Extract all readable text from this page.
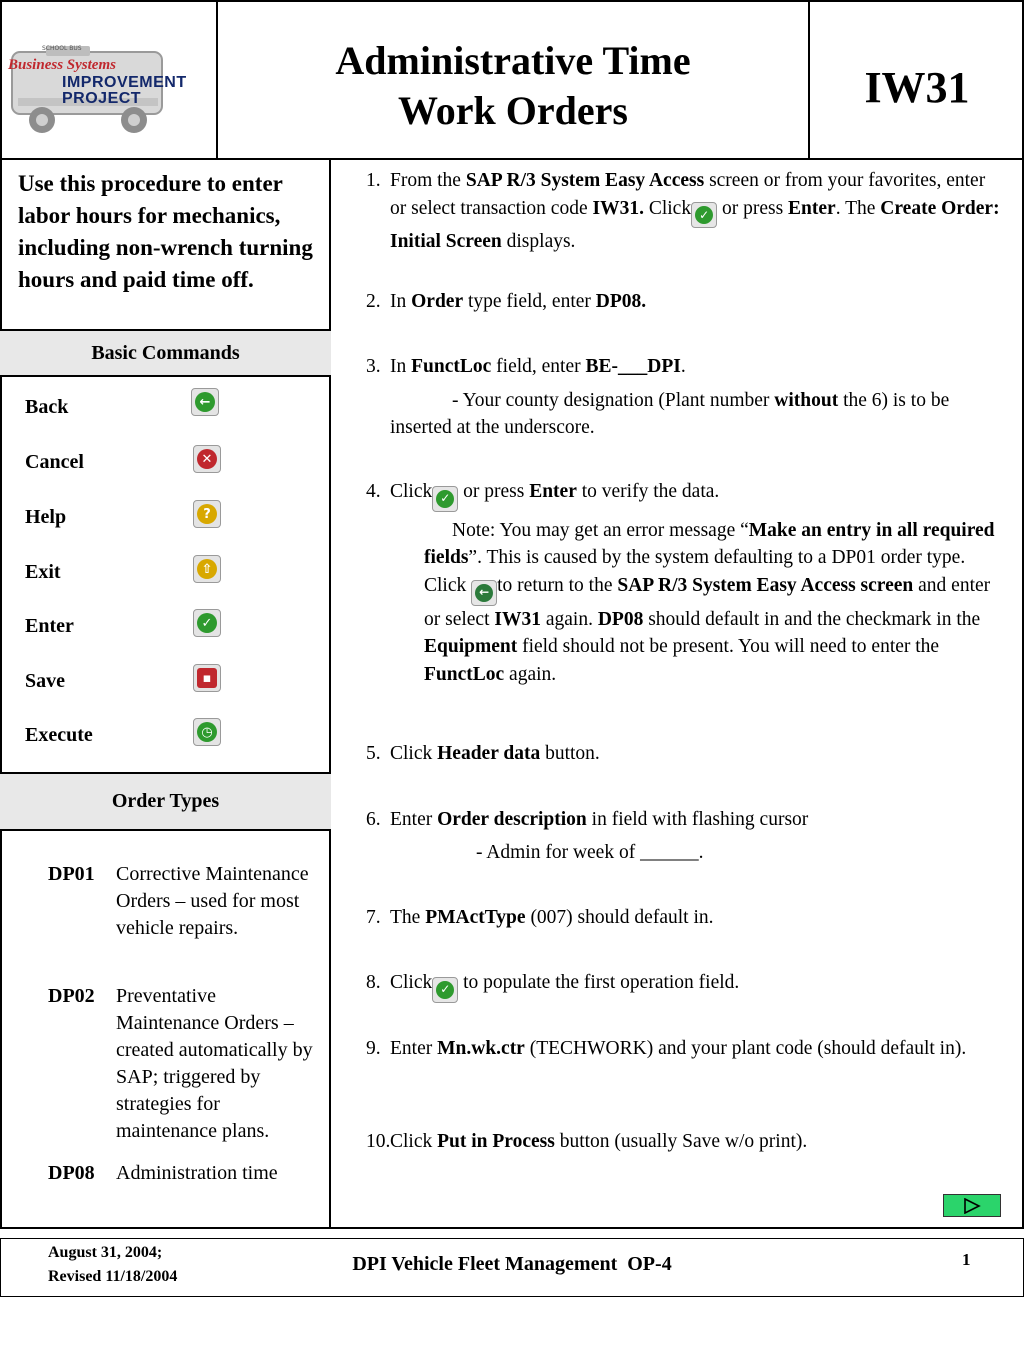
SCHOOL BUS
Business Systems
IMPROVEMENT
PROJECT
Administrative Time
Work Orders	IW31
Use this procedure to enter labor hours for mechanics, including non-wrench turning hours and paid time off.
Basic Commands
Back	←
Cancel	✕
Help	?
Exit	⇧
Enter	✓
Save	▪
Execute	◷
Order Types
DP01 Corrective Maintenance Orders – used for most vehicle repairs.
DP02 Preventative Maintenance Orders – created automatically by SAP; triggered by strategies for maintenance plans.
DP08 Administration time
1. From the SAP R/3 System Easy Access screen or from your favorites, enter or select transaction code IW31. Click ✓ or press Enter. The Create Order: Initial Screen displays.
2. In Order type field, enter DP08.
3. In FunctLoc field, enter BE-___DPI.
- Your county designation (Plant number without the 6) is to be inserted at the underscore.
4. Click ✓ or press Enter to verify the data.
Note: You may get an error message “Make an entry in all required fields”. This is caused by the system defaulting to a DP01 order type. Click ← to return to the SAP R/3 System Easy Access screen and enter or select IW31 again. DP08 should default in and the checkmark in the Equipment field should not be present. You will need to enter the FunctLoc again.
5. Click Header data button.
6. Enter Order description in field with flashing cursor
- Admin for week of ______.
7. The PMActType (007) should default in.
8. Click ✓ to populate the first operation field.
9. Enter Mn.wk.ctr (TECHWORK) and your plant code (should default in).
10. Click Put in Process button (usually Save w/o print).
August 31, 2004;
Revised 11/18/2004
DPI Vehicle Fleet Management  OP-4	1
